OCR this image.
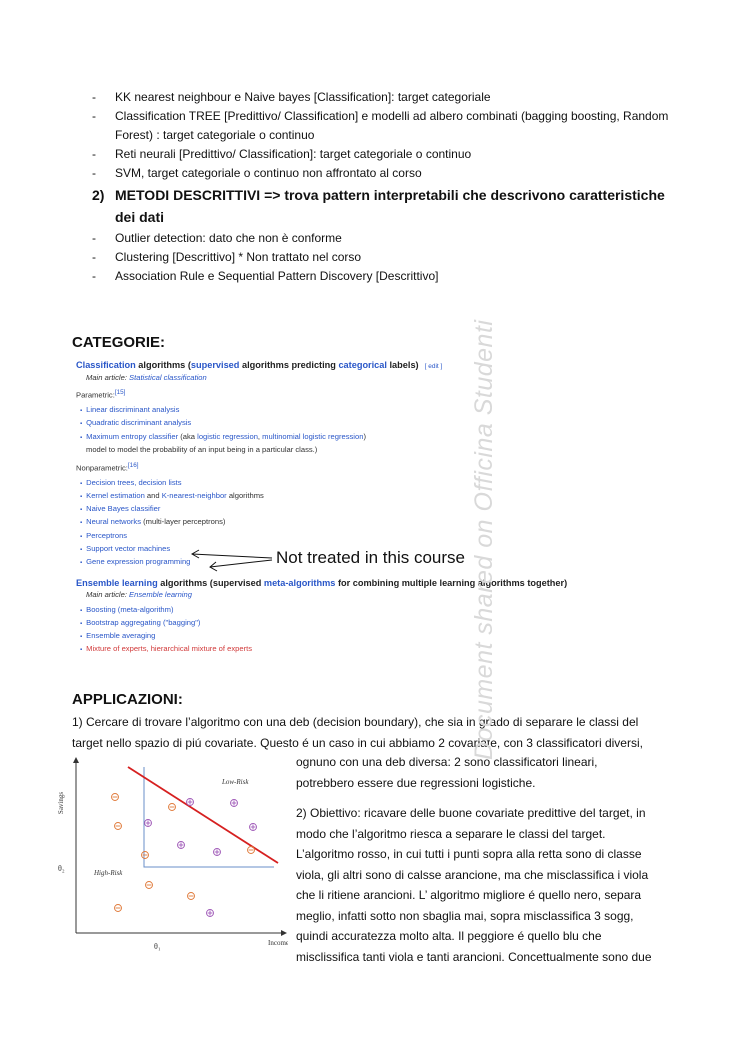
-	KK nearest neighbour e Naive bayes [Classification]: target categoriale
-	Classification TREE [Predittivo/ Classification] e modelli ad albero combinati (bagging boosting, Random Forest) : target categoriale o continuo
-	Reti neurali [Predittivo/ Classification]: target categoriale o continuo
-	SVM, target categoriale o continuo non affrontato al corso
2) METODI DESCRITTIVI => trova pattern interpretabili che descrivono caratteristiche
dei dati
-	Outlier detection: dato che non è conforme
-	Clustering [Descrittivo] * Non trattato nel corso
-	Association Rule e Sequential Pattern Discovery [Descrittivo]
CATEGORIE:
Classification algorithms (supervised algorithms predicting categorical labels) [ edit ]
Main article: Statistical classification
Parametric:[15]
▪ Linear discriminant analysis
▪ Quadratic discriminant analysis
▪ Maximum entropy classifier (aka logistic regression, multinomial logistic regression)
model to model the probability of an input being in a particular class.)
Nonparametric:[16]
▪ Decision trees, decision lists
▪ Kernel estimation and K-nearest-neighbor algorithms
▪ Naive Bayes classifier
▪ Neural networks (multi-layer perceptrons)
▪ Perceptrons
▪ Support vector machines
▪ Gene expression programming
Ensemble learning algorithms (supervised meta-algorithms for combining multiple learning algorithms together)
Main article: Ensemble learning
▪ Boosting (meta-algorithm)
▪ Bootstrap aggregating ("bagging")
▪ Ensemble averaging
▪ Mixture of experts, hierarchical mixture of experts
Not treated in this course
APPLICAZIONI:
1) Cercare di trovare l’algoritmo con una deb (decision boundary), che sia in grado di separare le classi del
target nello spazio di piú covariate. Questo é un caso in cui abbiamo 2 covariate, con 3 classificatori diversi,
ognuno con una deb diversa: 2 sono classificatori lineari,
potrebbero essere due regressioni logistiche.
2) Obiettivo: ricavare delle buone covariate predittive del target, in
modo che l’algoritmo riesca a separare le classi del target.
L’algoritmo rosso, in cui tutti i punti sopra alla retta sono di classe
viola, gli altri sono di calsse arancione, ma che misclassifica i viola
che li ritiene arancioni. L’ algoritmo migliore é quello nero, separa
meglio, infatti sotto non sbaglia mai, sopra misclassifica 3 sogg,
quindi accuratezza molto alta. Il peggiore é quello blu che
misclissifica tanti viola e tanti arancioni. Concettualmente sono due
Savings
Income
θ₂
θ₁
Low-Risk
High-Risk
Document shared on Officina Studenti
